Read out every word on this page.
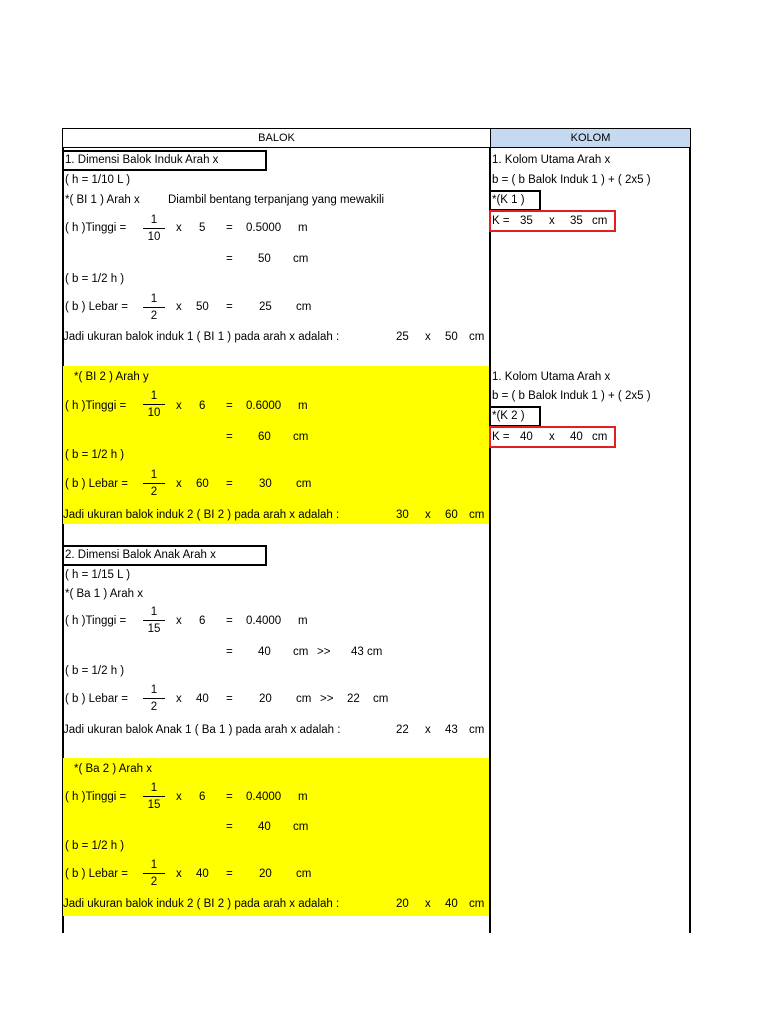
BALOK	KOLOM
1. Dimensi Balok Induk Arah x
( h = 1/10 L )
*( BI 1 ) Arah x Diambil bentang terpanjang yang mewakili
( h )Tinggi =
1
10
x 5 = 0.5000 m
= 50 cm
( b = 1/2 h )
( b ) Lebar =
1
2
x 50 = 25 cm
Jadi ukuran balok induk 1 ( BI 1 ) pada arah x adalah :	25 x 50 cm
*( BI 2 ) Arah y
( h )Tinggi =
1
10
x 6 = 0.6000 m
= 60 cm
( b = 1/2 h )
( b ) Lebar =
1
2
x 60 = 30 cm
Jadi ukuran balok induk 2 ( BI 2 ) pada arah x adalah :	30 x 60 cm
2. Dimensi Balok Anak Arah x
( h = 1/15 L )
*( Ba 1 ) Arah x
( h )Tinggi =
1
15
x 6 = 0.4000 m
= 40 cm >> 43 cm
( b = 1/2 h )
( b ) Lebar =
1
2
x 40 = 20 cm >> 22 cm
Jadi ukuran balok Anak 1 ( Ba 1 ) pada arah x adalah :	22 x 43 cm
*( Ba 2 ) Arah x
( h )Tinggi =
1
15
x 6 = 0.4000 m
= 40 cm
( b = 1/2 h )
( b ) Lebar =
1
2
x 40 = 20 cm
Jadi ukuran balok induk 2 ( BI 2 ) pada arah x adalah :	20 x 40 cm
1. Kolom Utama Arah x
b = ( b Balok Induk 1 ) + ( 2x5 )
*(K 1 )
K = 35 x 35 cm
1. Kolom Utama Arah x
b = ( b Balok Induk 1 ) + ( 2x5 )
*(K 2 )
K = 40 x 40 cm
